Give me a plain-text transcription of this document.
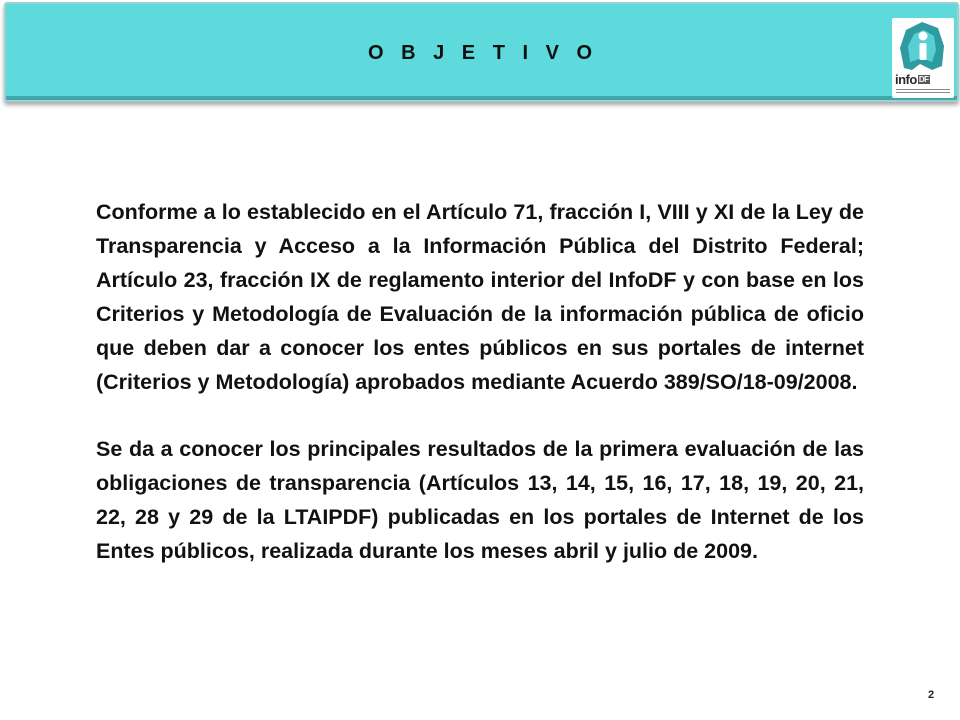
O B J E T I V O
info DF

Conforme a lo establecido en el Artículo 71, fracción I, VIII y XI de la Ley de Transparencia y Acceso a la Información Pública del Distrito Federal; Artículo 23, fracción IX de reglamento interior del InfoDF y con base en los Criterios y Metodología de Evaluación de la información pública de oficio que deben dar a conocer los entes públicos en sus portales de internet (Criterios y Metodología) aprobados mediante Acuerdo 389/SO/18-09/2008.

Se da a conocer los principales resultados de la primera evaluación de las obligaciones de transparencia (Artículos 13, 14, 15, 16, 17, 18, 19, 20, 21, 22, 28 y 29 de la LTAIPDF) publicadas en los portales de Internet de los Entes públicos, realizada durante los meses abril y julio de 2009.

2
